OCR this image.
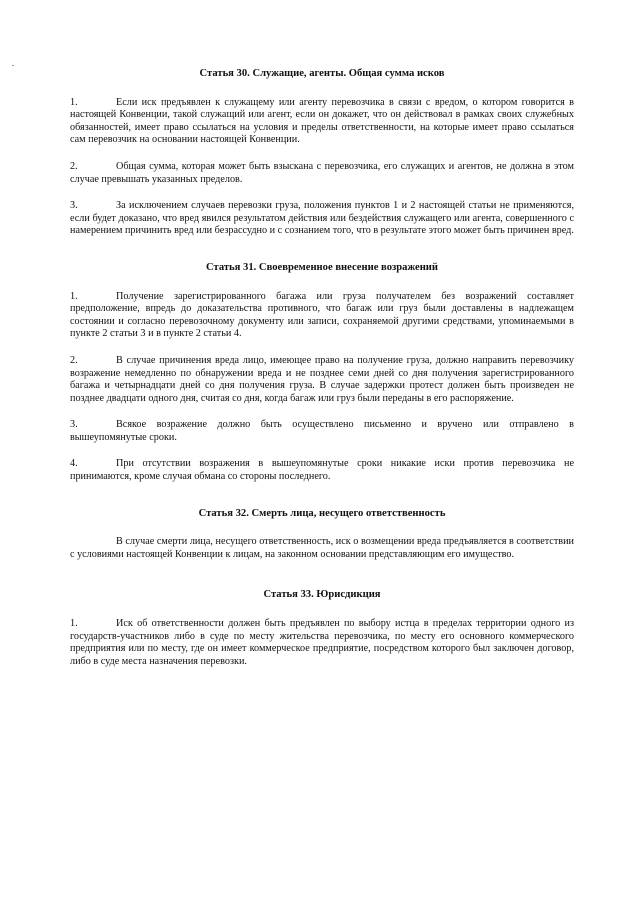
Статья 30. Служащие, агенты. Общая сумма исков

1.	Если иск предъявлен к служащему или агенту перевозчика в связи с вредом, о котором говорится в настоящей Конвенции, такой служащий или агент, если он докажет, что он действовал в рамках своих служебных обязанностей, имеет право ссылаться на условия и пределы ответственности, на которые имеет право ссылаться сам перевозчик на основании настоящей Конвенции.

2.	Общая сумма, которая может быть взыскана с перевозчика, его служащих и агентов, не должна в этом случае превышать указанных пределов.

3.	За исключением случаев перевозки груза, положения пунктов 1 и 2 настоящей статьи не применяются, если будет доказано, что вред явился результатом действия или бездействия служащего или агента, совершенного с намерением причинить вред или безрассудно и с сознанием того, что в результате этого может быть причинен вред.

Статья 31. Своевременное внесение возражений

1.	Получение зарегистрированного багажа или груза получателем без возражений составляет предположение, впредь до доказательства противного, что багаж или груз были доставлены в надлежащем состоянии и согласно перевозочному документу или записи, сохраняемой другими средствами, упоминаемыми в пункте 2 статьи 3 и в пункте 2 статьи 4.

2.	В случае причинения вреда лицо, имеющее право на получение груза, должно направить перевозчику возражение немедленно по обнаружении вреда и не позднее семи дней со дня получения зарегистрированного багажа и четырнадцати дней со дня получения груза. В случае задержки протест должен быть произведен не позднее двадцати одного дня, считая со дня, когда багаж или груз были переданы в его распоряжение.

3.	Всякое возражение должно быть осуществлено письменно и вручено или отправлено в вышеупомянутые сроки.

4.	При отсутствии возражения в вышеупомянутые сроки никакие иски против перевозчика не принимаются, кроме случая обмана со стороны последнего.

Статья 32. Смерть лица, несущего ответственность

В случае смерти лица, несущего ответственность, иск о возмещении вреда предъявляется в соответствии с условиями настоящей Конвенции к лицам, на законном основании представляющим его имущество.

Статья 33. Юрисдикция

1.	Иск об ответственности должен быть предъявлен по выбору истца в пределах территории одного из государств-участников либо в суде по месту жительства перевозчика, по месту его основного коммерческого предприятия или по месту, где он имеет коммерческое предприятие, посредством которого был заключен договор, либо в суде места назначения перевозки.
